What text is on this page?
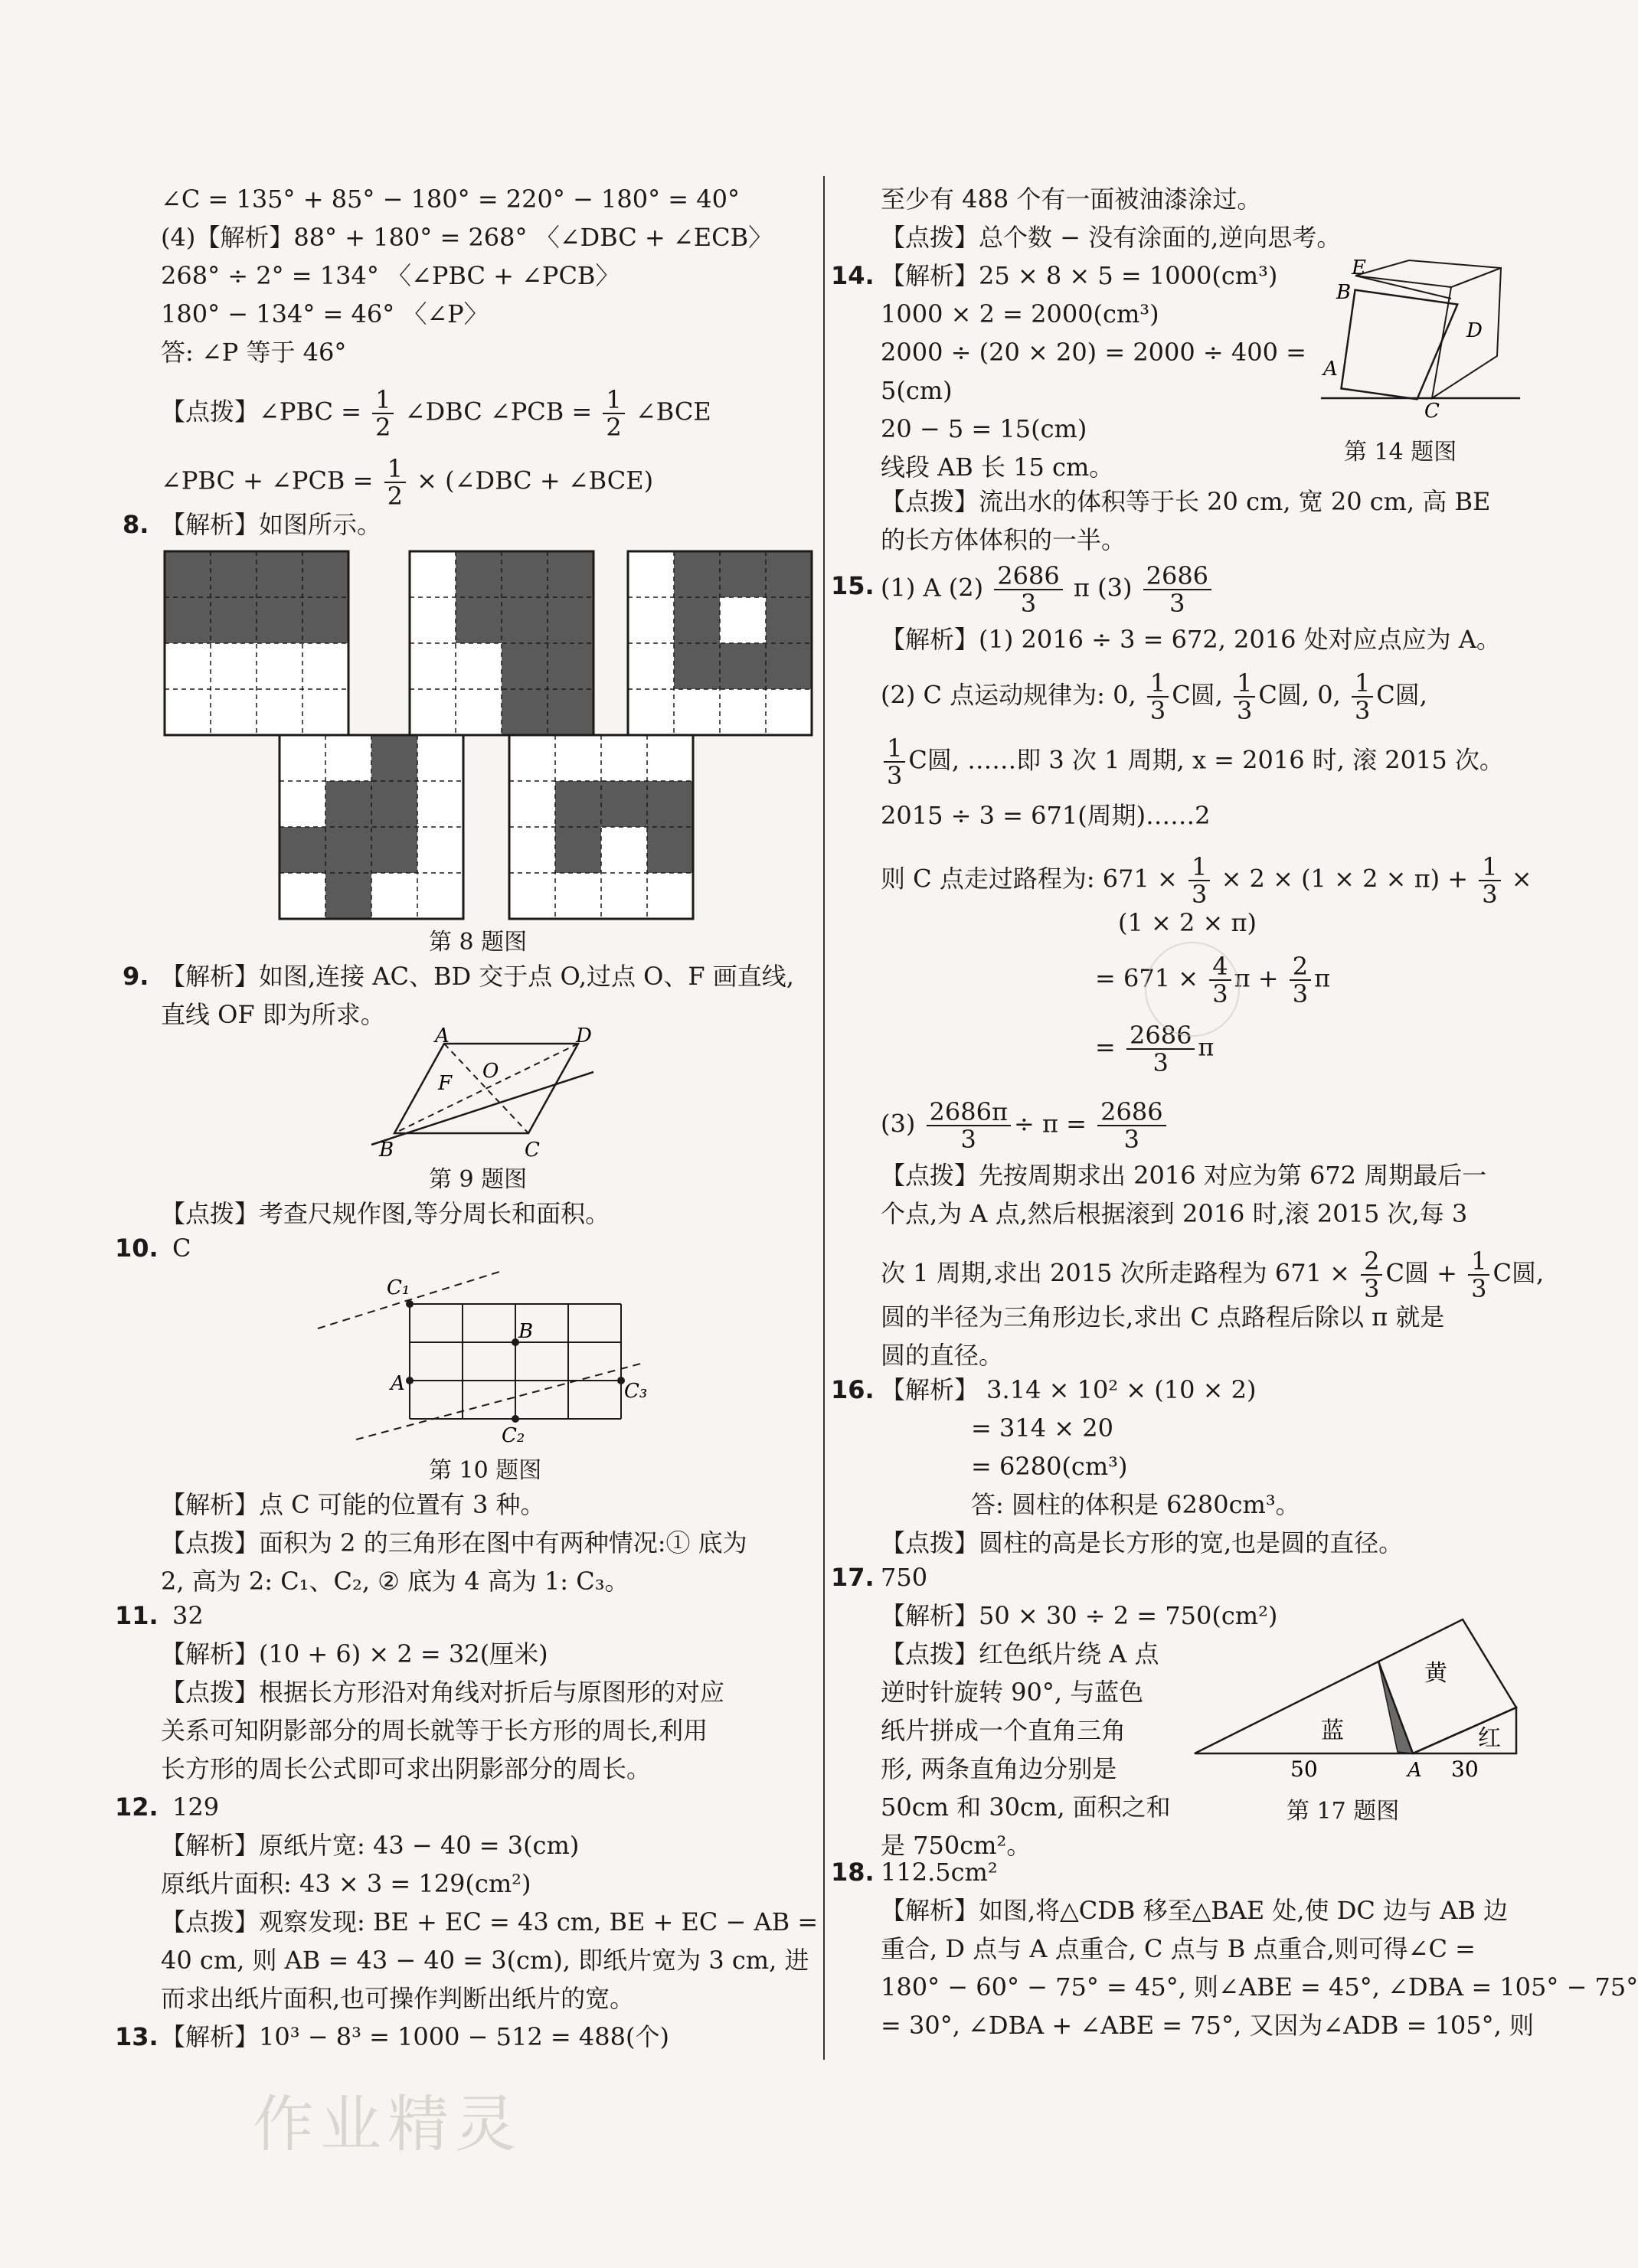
∠C = 135° + 85° − 180° = 220° − 180° = 40°
(4)【解析】88° + 180° = 268° 〈∠DBC + ∠ECB〉
268° ÷ 2° = 134° 〈∠PBC + ∠PCB〉
180° − 134° = 46° 〈∠P〉
答: ∠P 等于 46°
【点拨】∠PBC = $\frac{1}{2}$ ∠DBC ∠PCB = $\frac{1}{2}$ ∠BCE
∠PBC + ∠PCB = $\frac{1}{2}$ × (∠DBC + ∠BCE)
8. 【解析】如图所示。
第 8 题图
9. 【解析】如图,连接 AC、BD 交于点 O,过点 O、F 画直线,
直线 OF 即为所求。
A	D
F
O
B	C
第 9 题图
【点拨】考查尺规作图,等分周长和面积。
10. C
C₁
B
A	C₃
C₂
第 10 题图
【解析】点 C 可能的位置有 3 种。
【点拨】面积为 2 的三角形在图中有两种情况:① 底为
2, 高为 2: C₁、C₂, ② 底为 4 高为 1: C₃。
11. 32
【解析】(10 + 6) × 2 = 32(厘米)
【点拨】根据长方形沿对角线对折后与原图形的对应
关系可知阴影部分的周长就等于长方形的周长,利用
长方形的周长公式即可求出阴影部分的周长。
12. 129
【解析】原纸片宽: 43 − 40 = 3(cm)
原纸片面积: 43 × 3 = 129(cm²)
【点拨】观察发现: BE + EC = 43 cm, BE + EC − AB =
40 cm, 则 AB = 43 − 40 = 3(cm), 即纸片宽为 3 cm, 进
而求出纸片面积,也可操作判断出纸片的宽。
13. 【解析】10³ − 8³ = 1000 − 512 = 488(个)
至少有 488 个有一面被油漆涂过。
【点拨】总个数 − 没有涂面的,逆向思考。
14. 【解析】25 × 8 × 5 = 1000(cm³)
1000 × 2 = 2000(cm³)
2000 ÷ (20 × 20) = 2000 ÷ 400 =
5(cm)
20 − 5 = 15(cm)
线段 AB 长 15 cm。
E
B
D
A
C
第 14 题图
【点拨】流出水的体积等于长 20 cm, 宽 20 cm, 高 BE
的长方体体积的一半。
15. (1) A $(2) \frac{2686}{3}$ π $(3) \frac{2686}{3}$
【解析】(1) 2016 ÷ 3 = 672, 2016 处对应点应为 A。
(2) C 点运动规律为: 0, $\frac{1}{3}$ C圆, $\frac{1}{3}$ C圆, 0, $\frac{1}{3}$ C圆,
$\frac{1}{3}$ C圆, ……即 3 次 1 周期, x = 2016 时, 滚 2015 次。
2015 ÷ 3 = 671(周期)……2
则 C 点走过路程为: $671 \times \frac{1}{3} \times 2 \times (1 \times 2 \times \pi) + \frac{1}{3}$ ×
(1 × 2 × π)
= $671 \times \frac{4}{3}$ $\pi + \frac{2}{3}$ π
= $\frac{2686}{3}$ π
$(3) \frac{2686\pi}{3} \div \pi = \frac{2686}{3}$
【点拨】先按周期求出 2016 对应为第 672 周期最后一
个点,为 A 点,然后根据滚到 2016 时,滚 2015 次,每 3
次 1 周期,求出 2015 次所走路程为 $671 \times \frac{2}{3}$ C圆 + $\frac{1}{3}$ C圆,
圆的半径为三角形边长,求出 C 点路程后除以 π 就是
圆的直径。
16. 【解析】 3.14 × 10² × (10 × 2)
= 314 × 20
= 6280(cm³)
答: 圆柱的体积是 6280cm³。
【点拨】圆柱的高是长方形的宽,也是圆的直径。
17. 750
【解析】50 × 30 ÷ 2 = 750(cm²)
【点拨】红色纸片绕 A 点
逆时针旋转 90°, 与蓝色
纸片拼成一个直角三角
形, 两条直角边分别是
50cm 和 30cm, 面积之和
是 750cm²。
黄
蓝	红
50	A 30
第 17 题图
18. 112.5cm²
【解析】如图,将△CDB 移至△BAE 处,使 DC 边与 AB 边
重合, D 点与 A 点重合, C 点与 B 点重合,则可得∠C =
180° − 60° − 75° = 45°, 则∠ABE = 45°, ∠DBA = 105° − 75°
= 30°, ∠DBA + ∠ABE = 75°, 又因为∠ADB = 105°, 则
作业精灵
